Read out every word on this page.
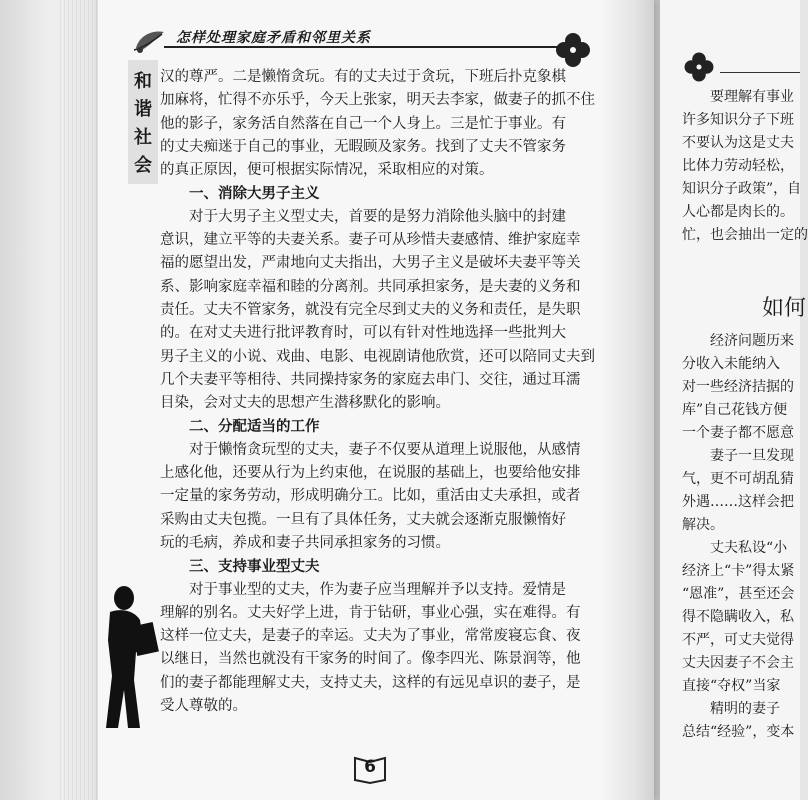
怎样处理家庭矛盾和邻里关系
和
谐
社
会
汉的尊严。二是懒惰贪玩。有的丈夫过于贪玩，下班后扑克象棋
加麻将，忙得不亦乐乎，今天上张家，明天去李家，做妻子的抓不住
他的影子，家务活自然落在自己一个人身上。三是忙于事业。有
的丈夫痴迷于自己的事业，无暇顾及家务。找到了丈夫不管家务
的真正原因，便可根据实际情况，采取相应的对策。
一、消除大男子主义
对于大男子主义型丈夫，首要的是努力消除他头脑中的封建
意识，建立平等的夫妻关系。妻子可从珍惜夫妻感情、维护家庭幸
福的愿望出发，严肃地向丈夫指出，大男子主义是破坏夫妻平等关
系、影响家庭幸福和睦的分离剂。共同承担家务，是夫妻的义务和
责任。丈夫不管家务，就没有完全尽到丈夫的义务和责任，是失职
的。在对丈夫进行批评教育时，可以有针对性地选择一些批判大
男子主义的小说、戏曲、电影、电视剧请他欣赏，还可以陪同丈夫到
几个夫妻平等相待、共同操持家务的家庭去串门、交往，通过耳濡
目染，会对丈夫的思想产生潜移默化的影响。
二、分配适当的工作
对于懒惰贪玩型的丈夫，妻子不仅要从道理上说服他，从感情
上感化他，还要从行为上约束他，在说服的基础上，也要给他安排
一定量的家务劳动，形成明确分工。比如，重活由丈夫承担，或者
采购由丈夫包揽。一旦有了具体任务，丈夫就会逐渐克服懒惰好
玩的毛病，养成和妻子共同承担家务的习惯。
三、支持事业型丈夫
对于事业型的丈夫，作为妻子应当理解并予以支持。爱情是
理解的别名。丈夫好学上进，肯于钻研，事业心强，实在难得。有
这样一位丈夫，是妻子的幸运。丈夫为了事业，常常废寝忘食、夜
以继日，当然也就没有干家务的时间了。像李四光、陈景润等，他
们的妻子都能理解丈夫，支持丈夫，这样的有远见卓识的妻子，是
受人尊敬的。
6
要理解有事业
许多知识分子下班
不要认为这是丈夫
比体力劳动轻松，
知识分子政策”，自
人心都是肉长的。
忙，也会抽出一定的
如何
经济问题历来
分收入未能纳入
对一些经济拮据的
库”自己花钱方便
一个妻子都不愿意
妻子一旦发现
气，更不可胡乱猜
外遇……这样会把
解决。
丈夫私设“小
经济上“卡”得太紧
“恩准”，甚至还会
得不隐瞒收入，私
不严，可丈夫觉得
丈夫因妻子不会主
直接“夺权”当家
精明的妻子
总结“经验”，变本
